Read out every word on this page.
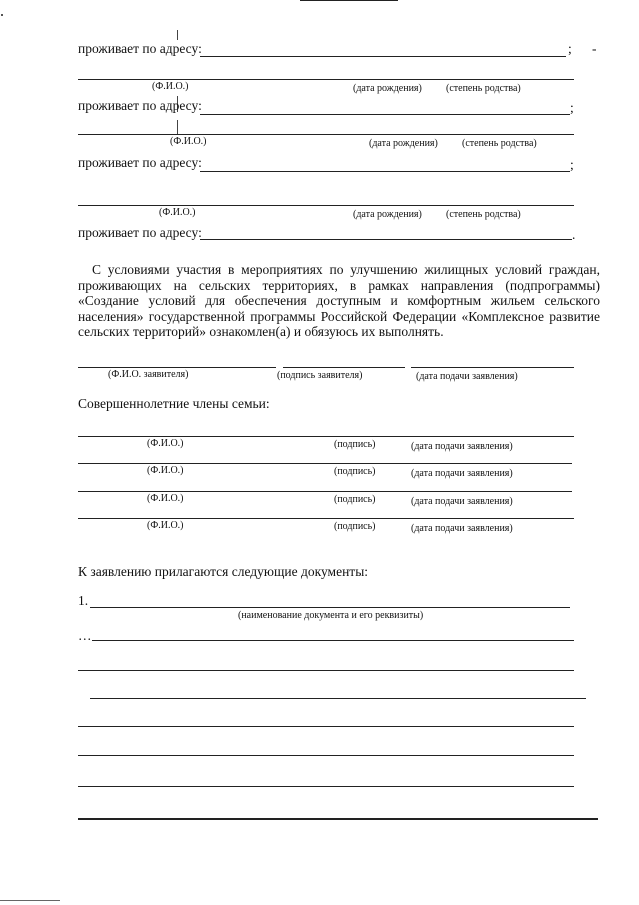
проживает по адресу:	; -
(Ф.И.О.)	(дата рождения) (степень родства)
проживает по адресу:	;
(Ф.И.О.)	(дата рождения) (степень родства)
проживает по адресу:	;
(Ф.И.О.)	(дата рождения) (степень родства)
проживает по адресу:	.
С условиями участия в мероприятиях по улучшению жилищных условий граждан, проживающих на сельских территориях, в рамках направления (подпрограммы) «Создание условий для обеспечения доступным и комфортным жильем сельского населения» государственной программы Российской Федерации «Комплексное развитие сельских территорий» ознакомлен(а) и обязуюсь их выполнять.
(Ф.И.О. заявителя)	(подпись заявителя)	(дата подачи заявления)
Совершеннолетние члены семьи:
(Ф.И.О.)	(подпись)	(дата подачи заявления)
(Ф.И.О.)	(подпись)	(дата подачи заявления)
(Ф.И.О.)	(подпись)	(дата подачи заявления)
(Ф.И.О.)	(подпись)	(дата подачи заявления)
К заявлению прилагаются следующие документы:
1.
(наименование документа и его реквизиты)
…
